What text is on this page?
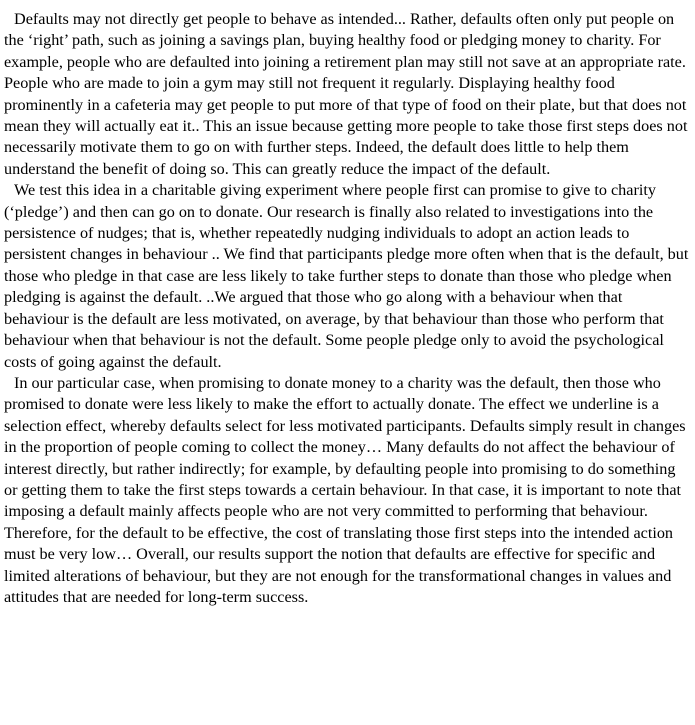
Defaults may not directly get people to behave as intended... Rather, defaults often only put people on the ‘right’ path, such as joining a savings plan, buying healthy food or pledging money to charity. For example, people who are defaulted into joining a retirement plan may still not save at an appropriate rate. People who are made to join a gym may still not frequent it regularly. Displaying healthy food prominently in a cafeteria may get people to put more of that type of food on their plate, but that does not mean they will actually eat it.. This an issue because getting more people to take those first steps does not necessarily motivate them to go on with further steps. Indeed, the default does little to help them understand the benefit of doing so. This can greatly reduce the impact of the default.

We test this idea in a charitable giving experiment where people first can promise to give to charity (‘pledge’) and then can go on to donate. Our research is finally also related to investigations into the persistence of nudges; that is, whether repeatedly nudging individuals to adopt an action leads to persistent changes in behaviour .. We find that participants pledge more often when that is the default, but those who pledge in that case are less likely to take further steps to donate than those who pledge when pledging is against the default. ..We argued that those who go along with a behaviour when that behaviour is the default are less motivated, on average, by that behaviour than those who perform that behaviour when that behaviour is not the default. Some people pledge only to avoid the psychological costs of going against the default.

In our particular case, when promising to donate money to a charity was the default, then those who promised to donate were less likely to make the effort to actually donate. The effect we underline is a selection effect, whereby defaults select for less motivated participants. Defaults simply result in changes in the proportion of people coming to collect the money… Many defaults do not affect the behaviour of interest directly, but rather indirectly; for example, by defaulting people into promising to do something or getting them to take the first steps towards a certain behaviour. In that case, it is important to note that imposing a default mainly affects people who are not very committed to performing that behaviour. Therefore, for the default to be effective, the cost of translating those first steps into the intended action must be very low… Overall, our results support the notion that defaults are effective for specific and limited alterations of behaviour, but they are not enough for the transformational changes in values and attitudes that are needed for long-term success.
